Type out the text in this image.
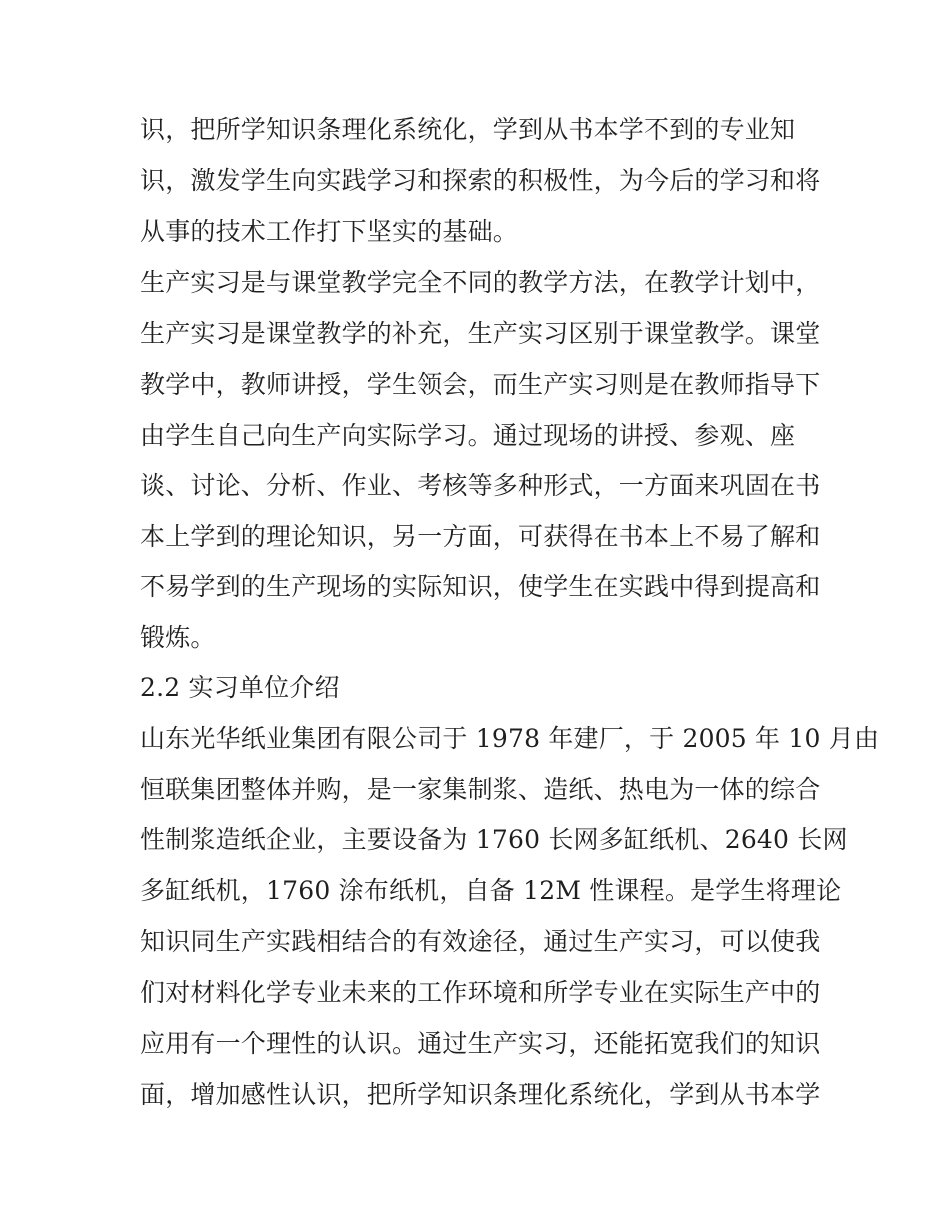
识，把所学知识条理化系统化，学到从书本学不到的专业知
识，激发学生向实践学习和探索的积极性，为今后的学习和将
从事的技术工作打下坚实的基础。
生产实习是与课堂教学完全不同的教学方法，在教学计划中，
生产实习是课堂教学的补充，生产实习区别于课堂教学。课堂
教学中，教师讲授，学生领会，而生产实习则是在教师指导下
由学生自己向生产向实际学习。通过现场的讲授、参观、座
谈、讨论、分析、作业、考核等多种形式，一方面来巩固在书
本上学到的理论知识，另一方面，可获得在书本上不易了解和
不易学到的生产现场的实际知识，使学生在实践中得到提高和
锻炼。
2.2 实习单位介绍
山东光华纸业集团有限公司于 1978 年建厂，于 2005 年 10 月由
恒联集团整体并购，是一家集制浆、造纸、热电为一体的综合
性制浆造纸企业，主要设备为 1760 长网多缸纸机、2640 长网
多缸纸机，1760 涂布纸机，自备 12M 性课程。是学生将理论
知识同生产实践相结合的有效途径，通过生产实习，可以使我
们对材料化学专业未来的工作环境和所学专业在实际生产中的
应用有一个理性的认识。通过生产实习，还能拓宽我们的知识
面，增加感性认识，把所学知识条理化系统化，学到从书本学
